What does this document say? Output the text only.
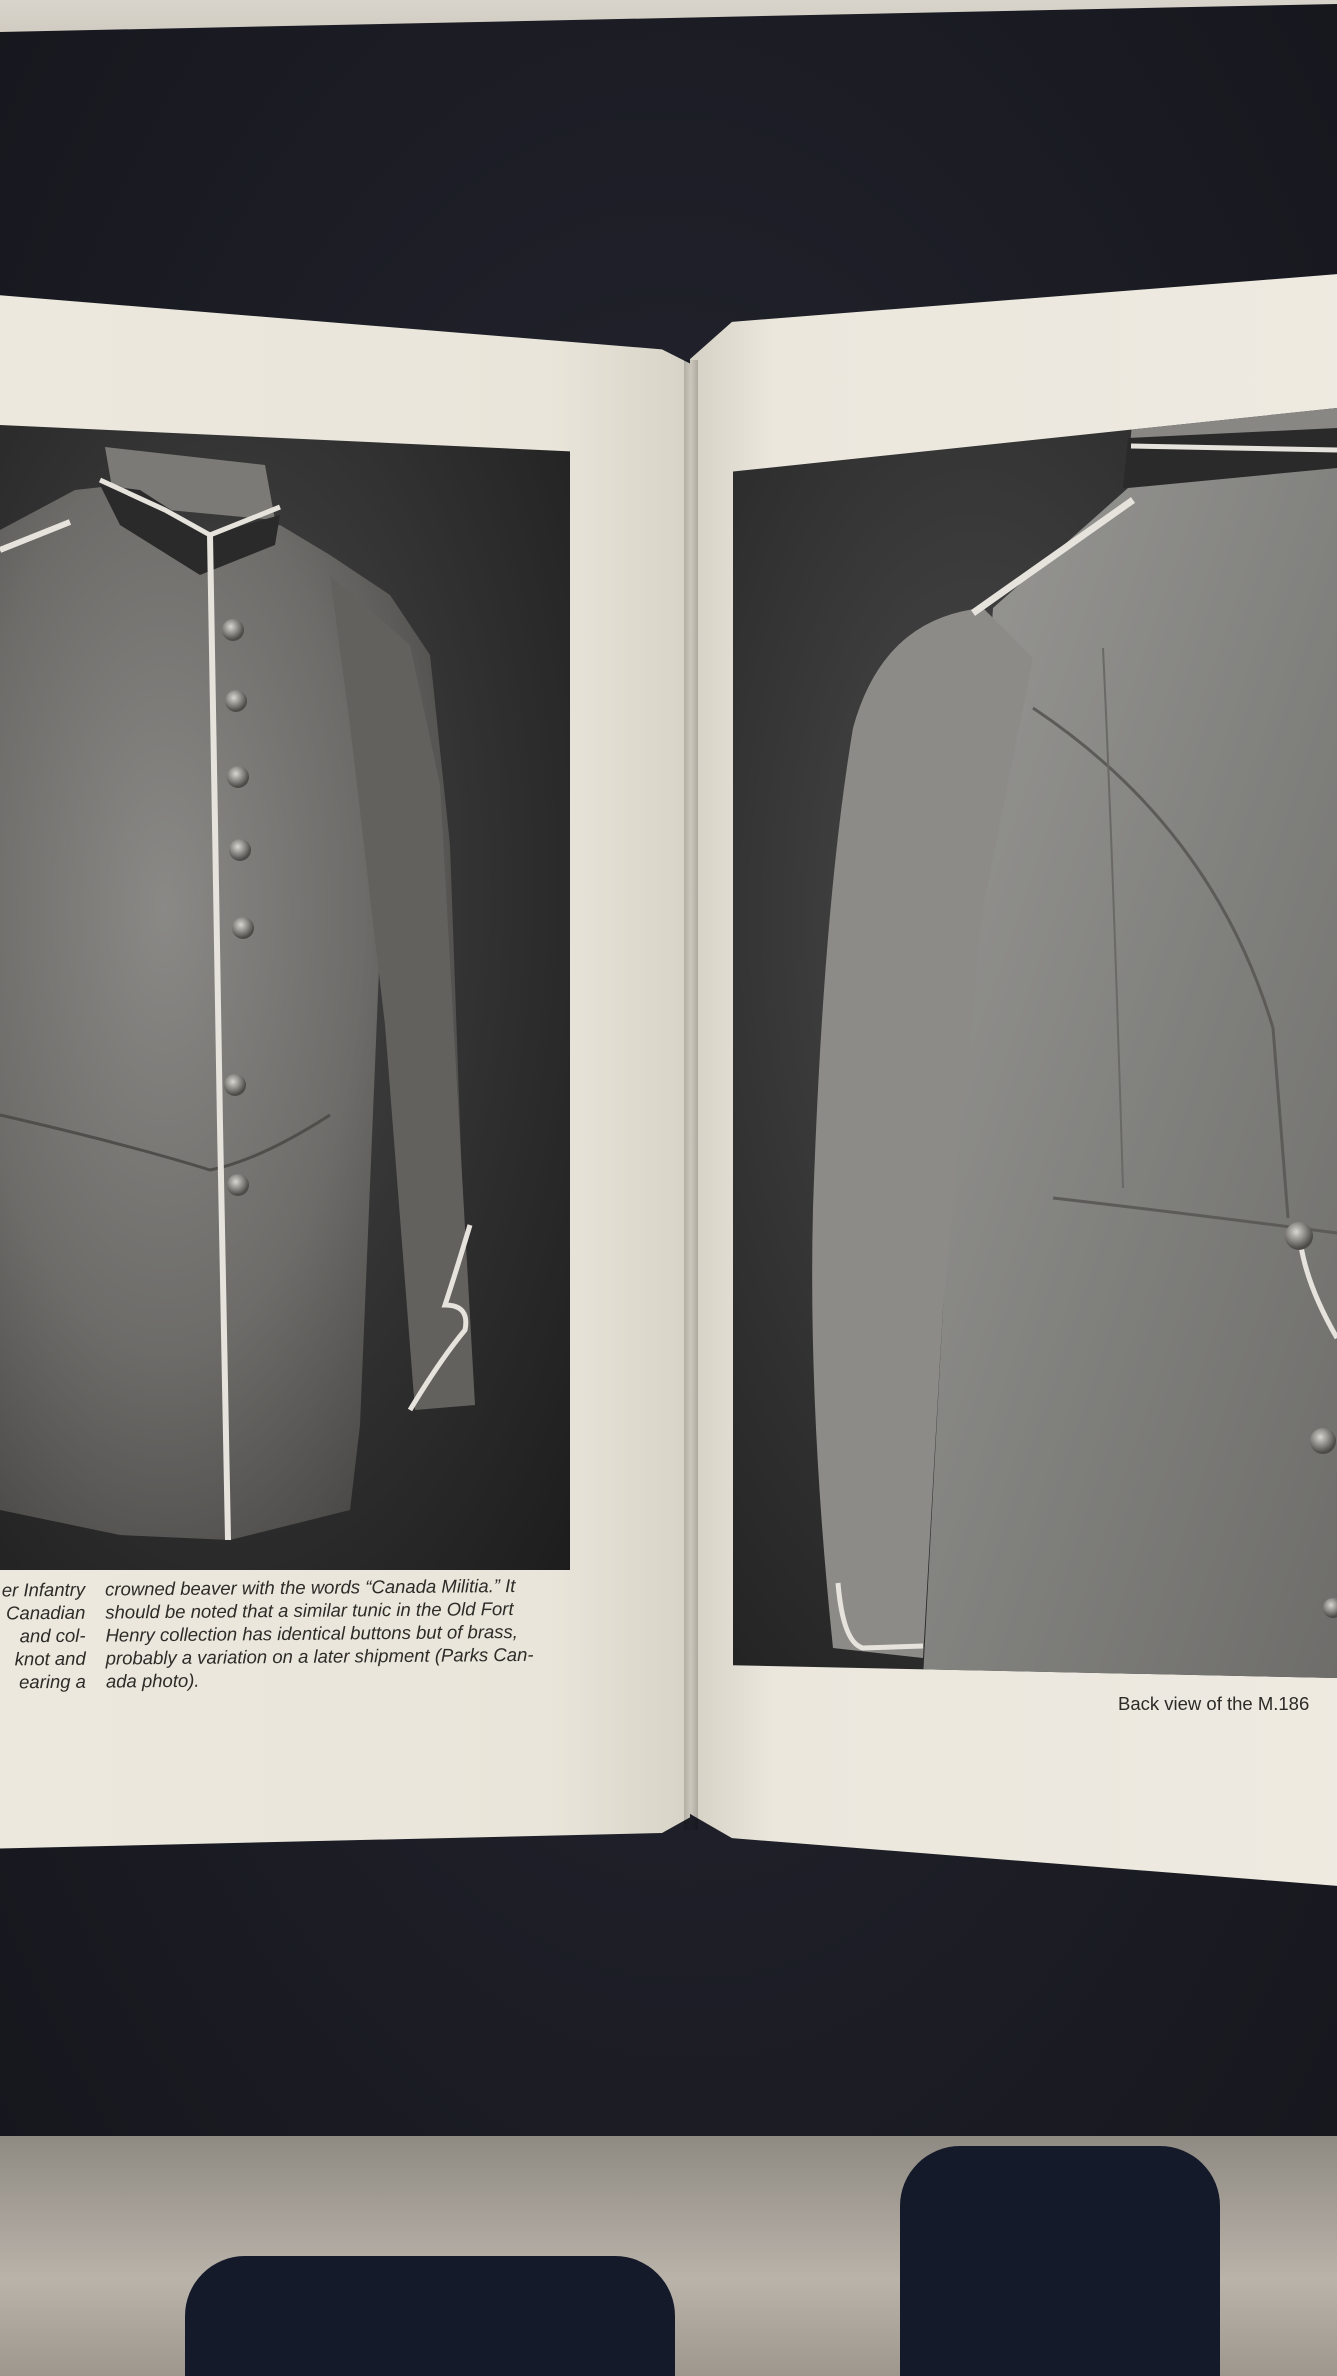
er Infantry
Canadian
and col-
knot and
earing a
crowned beaver with the words “Canada Militia.” It
should be noted that a similar tunic in the Old Fort
Henry collection has identical buttons but of brass,
probably a variation on a later shipment (Parks Can-
ada photo).
Back view of the M.186
